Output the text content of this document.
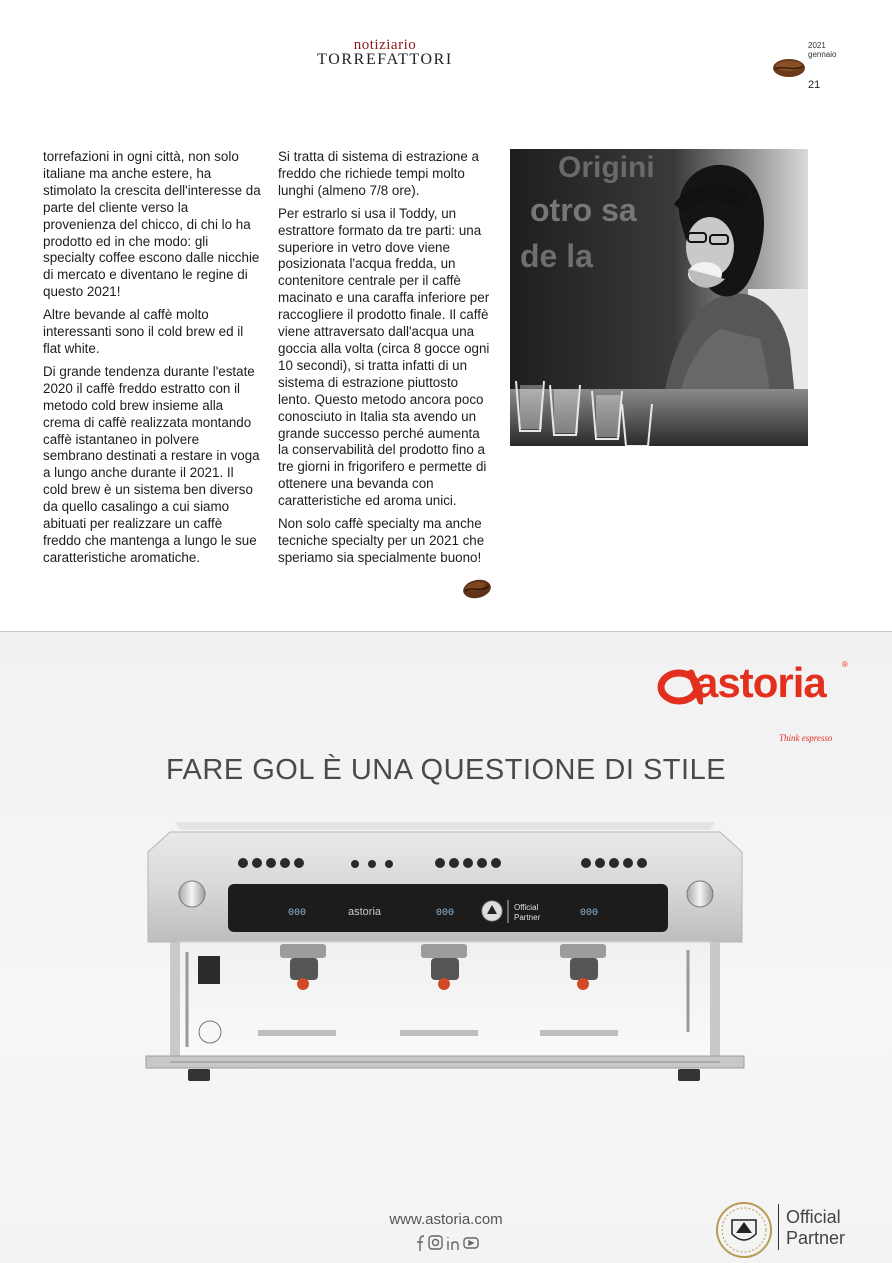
notiziario
TORREFATTORI
2021
gennaio
21

torrefazioni in ogni città, non solo italiane ma anche estere, ha stimolato la crescita dell'interesse da parte del cliente verso la provenienza del chicco, di chi lo ha prodotto ed in che modo: gli specialty coffee escono dalle nicchie di mercato e diventano le regine di questo 2021!

Altre bevande al caffè molto interessanti sono il cold brew ed il flat white.

Di grande tendenza durante l'estate 2020 il caffè freddo estratto con il metodo cold brew insieme alla crema di caffè realizzata montando caffè istantaneo in polvere sembrano destinati a restare in voga a lungo anche durante il 2021. Il cold brew è un sistema ben diverso da quello casalingo a cui siamo abituati per realizzare un caffè freddo che mantenga a lungo le sue caratteristiche aromatiche.

Si tratta di sistema di estrazione a freddo che richiede tempi molto lunghi (almeno 7/8 ore).

Per estrarlo si usa il Toddy, un estrattore formato da tre parti: una superiore in vetro dove viene posizionata l'acqua fredda, un contenitore centrale per il caffè macinato e una caraffa inferiore per raccogliere il prodotto finale. Il caffè viene attraversato dall'acqua una goccia alla volta (circa 8 gocce ogni 10 secondi), si tratta infatti di un sistema di estrazione piuttosto lento. Questo metodo ancora poco conosciuto in Italia sta avendo un grande successo perché aumenta la conservabilità del prodotto fino a tre giorni in frigorifero e permette di ottenere una bevanda con caratteristiche ed aroma unici.

Non solo caffè specialty ma anche tecniche specialty per un 2021 che speriamo sia specialmente buono!

Origini
otro sa
de la
astoria ®
Think espresso
FARE GOL È UNA QUESTIONE DI STILE
000	astoria	000
Official
Partner	000
www.astoria.com	Official
Partner
